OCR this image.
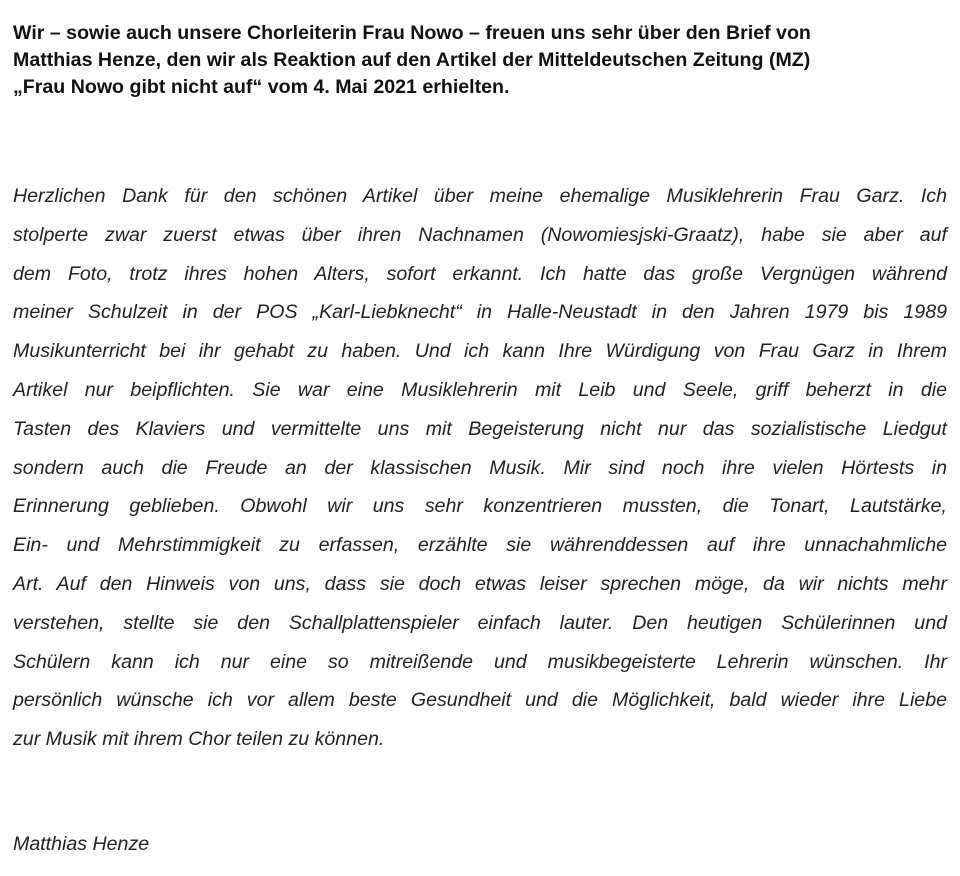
Wir – sowie auch unsere Chorleiterin Frau Nowo – freuen uns sehr über den Brief von
Matthias Henze, den wir als Reaktion auf den Artikel der Mitteldeutschen Zeitung (MZ)
„Frau Nowo gibt nicht auf“ vom 4. Mai 2021 erhielten.

Herzlichen Dank für den schönen Artikel über meine ehemalige Musiklehrerin Frau Garz. Ich
stolperte zwar zuerst etwas über ihren Nachnamen (Nowomiesjski-Graatz), habe sie aber auf
dem Foto, trotz ihres hohen Alters, sofort erkannt. Ich hatte das große Vergnügen während
meiner Schulzeit in der POS „Karl-Liebknecht“ in Halle-Neustadt in den Jahren 1979 bis 1989
Musikunterricht bei ihr gehabt zu haben. Und ich kann Ihre Würdigung von Frau Garz in Ihrem
Artikel nur beipflichten. Sie war eine Musiklehrerin mit Leib und Seele, griff beherzt in die
Tasten des Klaviers und vermittelte uns mit Begeisterung nicht nur das sozialistische Liedgut
sondern auch die Freude an der klassischen Musik. Mir sind noch ihre vielen Hörtests in
Erinnerung geblieben. Obwohl wir uns sehr konzentrieren mussten, die Tonart, Lautstärke,
Ein- und Mehrstimmigkeit zu erfassen, erzählte sie währenddessen auf ihre unnachahmliche
Art. Auf den Hinweis von uns, dass sie doch etwas leiser sprechen möge, da wir nichts mehr
verstehen, stellte sie den Schallplattenspieler einfach lauter. Den heutigen Schülerinnen und
Schülern kann ich nur eine so mitreißende und musikbegeisterte Lehrerin wünschen. Ihr
persönlich wünsche ich vor allem beste Gesundheit und die Möglichkeit, bald wieder ihre Liebe
zur Musik mit ihrem Chor teilen zu können.

Matthias Henze
